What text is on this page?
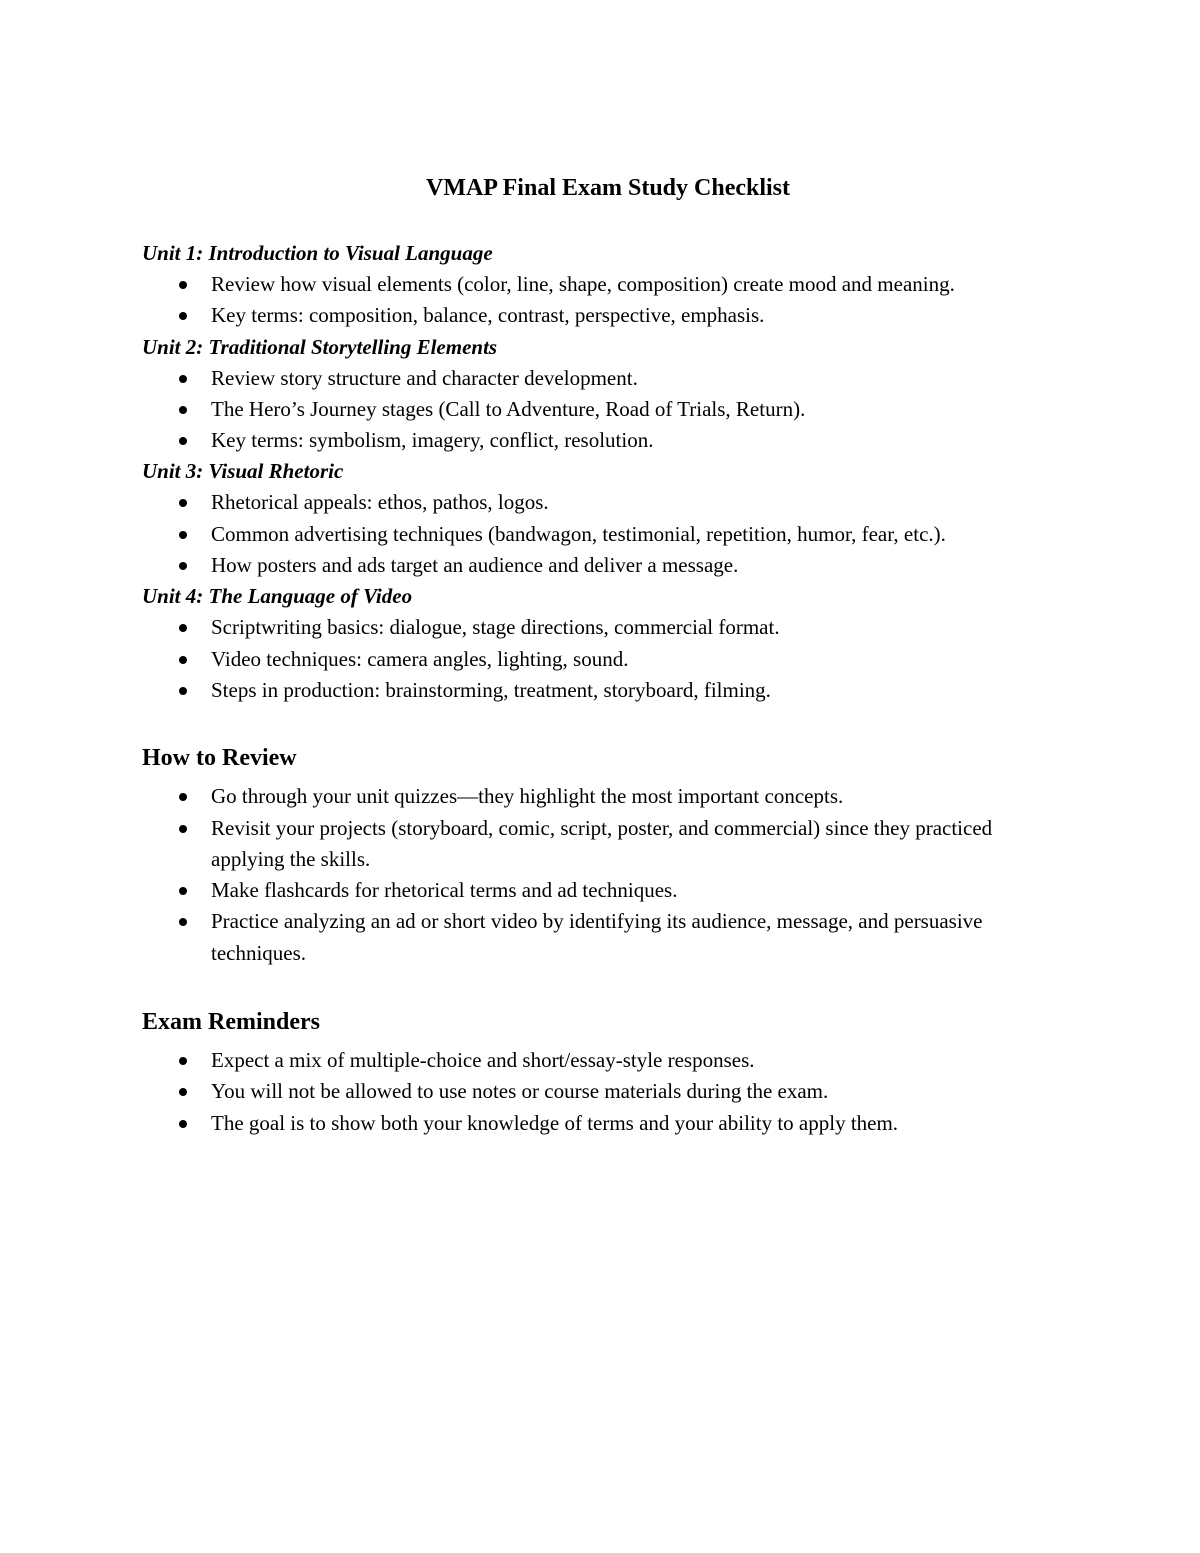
VMAP Final Exam Study Checklist
Unit 1: Introduction to Visual Language
Review how visual elements (color, line, shape, composition) create mood and meaning.
Key terms: composition, balance, contrast, perspective, emphasis.
Unit 2: Traditional Storytelling Elements
Review story structure and character development.
The Hero’s Journey stages (Call to Adventure, Road of Trials, Return).
Key terms: symbolism, imagery, conflict, resolution.
Unit 3: Visual Rhetoric
Rhetorical appeals: ethos, pathos, logos.
Common advertising techniques (bandwagon, testimonial, repetition, humor, fear, etc.).
How posters and ads target an audience and deliver a message.
Unit 4: The Language of Video
Scriptwriting basics: dialogue, stage directions, commercial format.
Video techniques: camera angles, lighting, sound.
Steps in production: brainstorming, treatment, storyboard, filming.
How to Review
Go through your unit quizzes—they highlight the most important concepts.
Revisit your projects (storyboard, comic, script, poster, and commercial) since they practiced applying the skills.
Make flashcards for rhetorical terms and ad techniques.
Practice analyzing an ad or short video by identifying its audience, message, and persuasive techniques.
Exam Reminders
Expect a mix of multiple-choice and short/essay-style responses.
You will not be allowed to use notes or course materials during the exam.
The goal is to show both your knowledge of terms and your ability to apply them.
